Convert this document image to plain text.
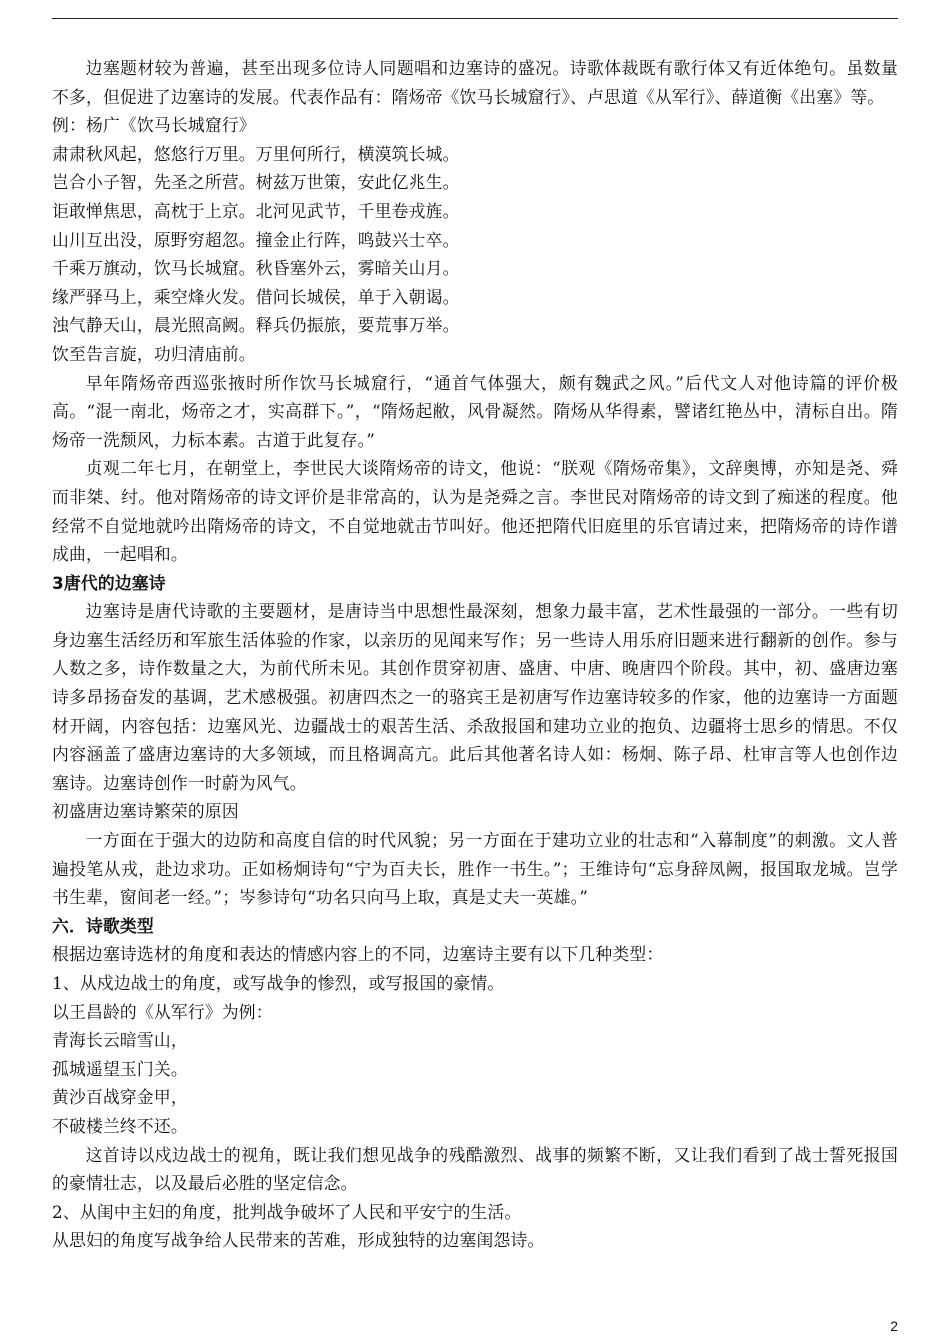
边塞题材较为普遍，甚至出现多位诗人同题唱和边塞诗的盛况。诗歌体裁既有歌行体又有近体绝句。虽数量不多，但促进了边塞诗的发展。代表作品有：隋炀帝《饮马长城窟行》、卢思道《从军行》、薛道衡《出塞》等。

例：杨广《饮马长城窟行》

肃肃秋风起，悠悠行万里。万里何所行，横漠筑长城。

岂合小子智，先圣之所营。树兹万世策，安此亿兆生。

讵敢惮焦思，高枕于上京。北河见武节，千里卷戎旌。

山川互出没，原野穷超忽。撞金止行阵，鸣鼓兴士卒。

千乘万旗动，饮马长城窟。秋昏塞外云，雾暗关山月。

缘严驿马上，乘空烽火发。借问长城侯，单于入朝谒。

浊气静天山，晨光照高阙。释兵仍振旅，要荒事万举。

饮至告言旋，功归清庙前。

早年隋炀帝西巡张掖时所作饮马长城窟行，“通首气体强大，颇有魏武之风。”后代文人对他诗篇的评价极高。“混一南北，炀帝之才，实高群下。”，“隋炀起敝，风骨凝然。隋炀从华得素，譬诸红艳丛中，清标自出。隋炀帝一洗颓风，力标本素。古道于此复存。”

贞观二年七月，在朝堂上，李世民大谈隋炀帝的诗文，他说：“朕观《隋炀帝集》，文辞奥博，亦知是尧、舜而非桀、纣。他对隋炀帝的诗文评价是非常高的，认为是尧舜之言。李世民对隋炀帝的诗文到了痴迷的程度。他经常不自觉地就吟出隋炀帝的诗文，不自觉地就击节叫好。他还把隋代旧庭里的乐官请过来，把隋炀帝的诗作谱成曲，一起唱和。

3唐代的边塞诗

边塞诗是唐代诗歌的主要题材，是唐诗当中思想性最深刻，想象力最丰富，艺术性最强的一部分。一些有切身边塞生活经历和军旅生活体验的作家，以亲历的见闻来写作；另一些诗人用乐府旧题来进行翻新的创作。参与人数之多，诗作数量之大，为前代所未见。其创作贯穿初唐、盛唐、中唐、晚唐四个阶段。其中，初、盛唐边塞诗多昂扬奋发的基调，艺术感极强。初唐四杰之一的骆宾王是初唐写作边塞诗较多的作家，他的边塞诗一方面题材开阔，内容包括：边塞风光、边疆战士的艰苦生活、杀敌报国和建功立业的抱负、边疆将士思乡的情思。不仅内容涵盖了盛唐边塞诗的大多领域，而且格调高亢。此后其他著名诗人如：杨炯、陈子昂、杜审言等人也创作边塞诗。边塞诗创作一时蔚为风气。

初盛唐边塞诗繁荣的原因

一方面在于强大的边防和高度自信的时代风貌；另一方面在于建功立业的壮志和“入幕制度”的刺激。文人普遍投笔从戎，赴边求功。正如杨炯诗句“宁为百夫长，胜作一书生。”；王维诗句“忘身辞凤阙，报国取龙城。岂学书生辈，窗间老一经。”；岑参诗句“功名只向马上取，真是丈夫一英雄。”

六．诗歌类型

根据边塞诗选材的角度和表达的情感内容上的不同，边塞诗主要有以下几种类型：

1、从戍边战士的角度，或写战争的惨烈，或写报国的豪情。

以王昌龄的《从军行》为例：

青海长云暗雪山，

孤城遥望玉门关。

黄沙百战穿金甲，

不破楼兰终不还。

这首诗以戍边战士的视角，既让我们想见战争的残酷激烈、战事的频繁不断，又让我们看到了战士誓死报国的豪情壮志，以及最后必胜的坚定信念。

2、从闺中主妇的角度，批判战争破坏了人民和平安宁的生活。

从思妇的角度写战争给人民带来的苦难，形成独特的边塞闺怨诗。

2
